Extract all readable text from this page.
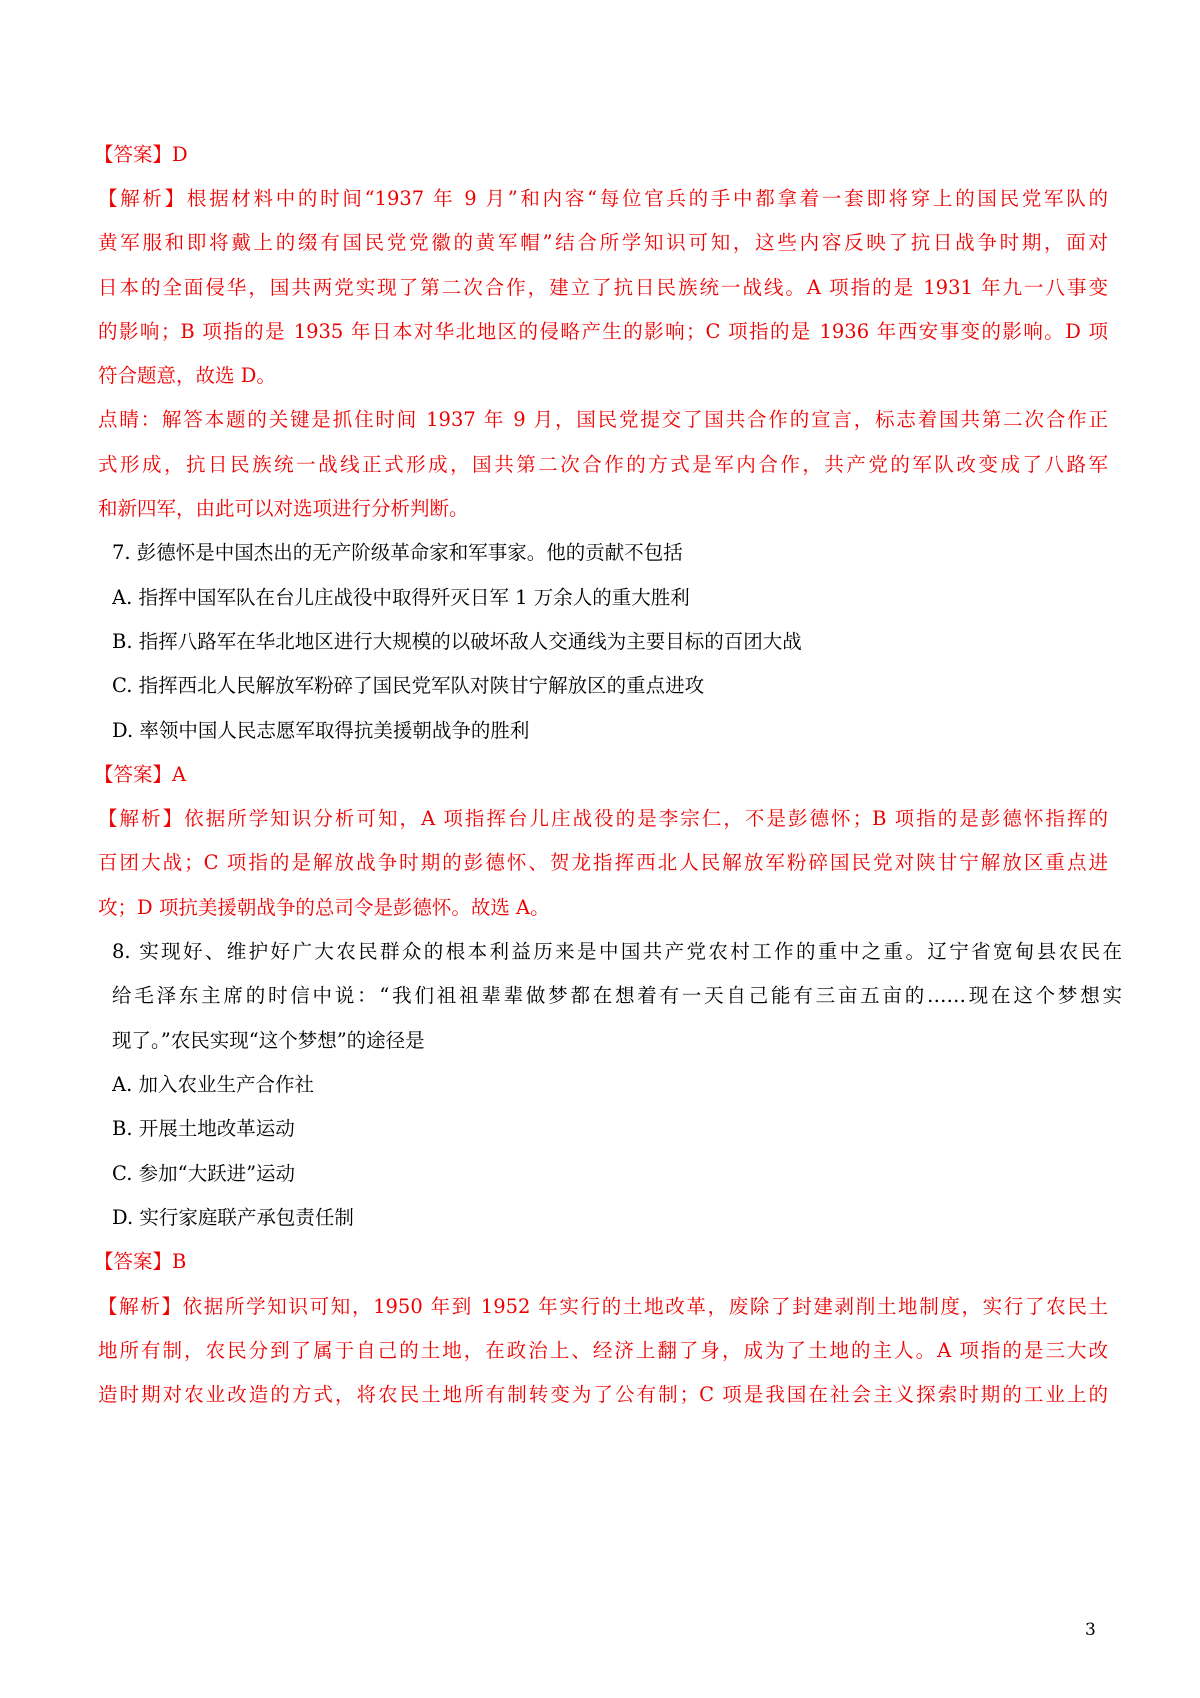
【答案】D
【解析】根据材料中的时间“1937 年 9 月”和内容“每位官兵的手中都拿着一套即将穿上的国民党军队的
黄军服和即将戴上的缀有国民党党徽的黄军帽”结合所学知识可知，这些内容反映了抗日战争时期，面对
日本的全面侵华，国共两党实现了第二次合作，建立了抗日民族统一战线。A 项指的是 1931 年九一八事变
的影响；B 项指的是 1935 年日本对华北地区的侵略产生的影响；C 项指的是 1936 年西安事变的影响。D 项
符合题意，故选 D。
点睛：解答本题的关键是抓住时间 1937 年 9 月，国民党提交了国共合作的宣言，标志着国共第二次合作正
式形成，抗日民族统一战线正式形成，国共第二次合作的方式是军内合作，共产党的军队改变成了八路军
和新四军，由此可以对选项进行分析判断。
7. 彭德怀是中国杰出的无产阶级革命家和军事家。他的贡献不包括
A. 指挥中国军队在台儿庄战役中取得歼灭日军 1 万余人的重大胜利
B. 指挥八路军在华北地区进行大规模的以破坏敌人交通线为主要目标的百团大战
C. 指挥西北人民解放军粉碎了国民党军队对陕甘宁解放区的重点进攻
D. 率领中国人民志愿军取得抗美援朝战争的胜利
【答案】A
【解析】依据所学知识分析可知，A 项指挥台儿庄战役的是李宗仁，不是彭德怀；B 项指的是彭德怀指挥的
百团大战；C 项指的是解放战争时期的彭德怀、贺龙指挥西北人民解放军粉碎国民党对陕甘宁解放区重点进
攻；D 项抗美援朝战争的总司令是彭德怀。故选 A。
8. 实现好、维护好广大农民群众的根本利益历来是中国共产党农村工作的重中之重。辽宁省宽甸县农民在
给毛泽东主席的时信中说：“我们祖祖辈辈做梦都在想着有一天自己能有三亩五亩的……现在这个梦想实
现了。”农民实现“这个梦想”的途径是
A. 加入农业生产合作社
B. 开展土地改革运动
C. 参加“大跃进”运动
D. 实行家庭联产承包责任制
【答案】B
【解析】依据所学知识可知，1950 年到 1952 年实行的土地改革，废除了封建剥削土地制度，实行了农民土
地所有制，农民分到了属于自己的土地，在政治上、经济上翻了身，成为了土地的主人。A 项指的是三大改
造时期对农业改造的方式，将农民土地所有制转变为了公有制；C 项是我国在社会主义探索时期的工业上的
3
